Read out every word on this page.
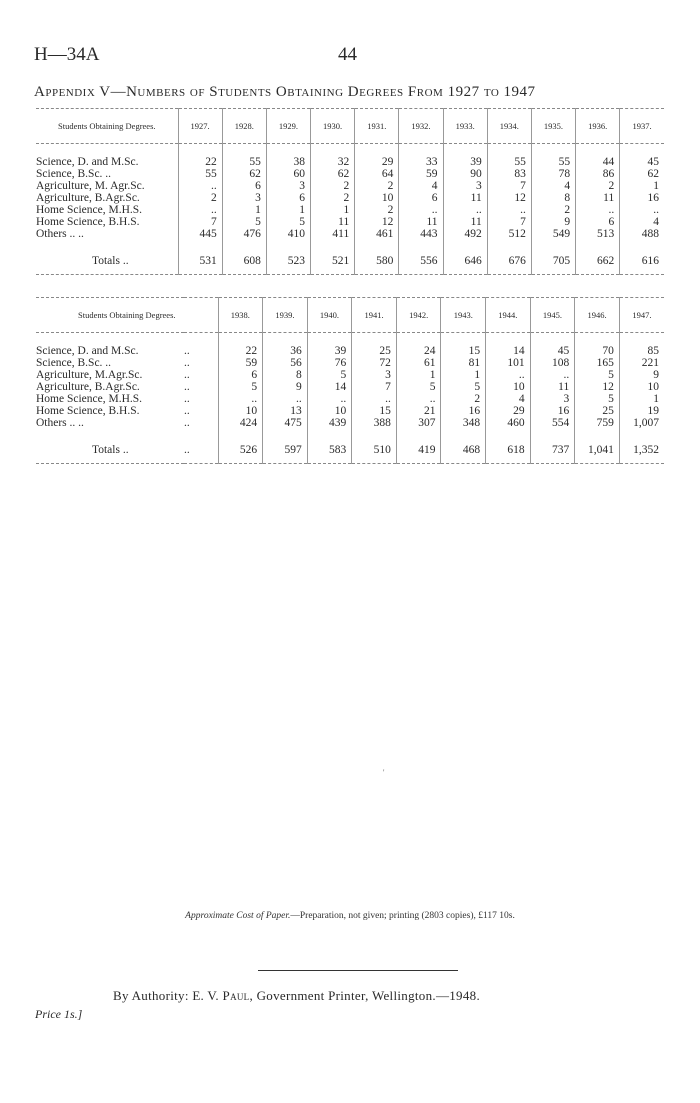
H—34A	44
Appendix V—Numbers of Students Obtaining Degrees From 1927 to 1947
Students Obtaining Degrees.	1927.	1928.	1929.	1930.	1931.	1932.	1933.	1934.	1935.	1936.	1937.

Science, D. and M.Sc.	22	55	38	32	29	33	39	55	55	44	45
Science, B.Sc. ..	55	62	60	62	64	59	90	83	78	86	62
Agriculture, M. Agr.Sc.	..	6	3	2	2	4	3	7	4	2	1
Agriculture, B.Agr.Sc.	2	3	6	2	10	6	11	12	8	11	16
Home Science, M.H.S.	..	1	1	1	2	..	..	..	2	..	..
Home Science, B.H.S.	7	5	5	11	12	11	11	7	9	6	4
Others .. ..	445	476	410	411	461	443	492	512	549	513	488

Totals ..	531	608	523	521	580	556	646	676	705	662	616
Students Obtaining Degrees.		1938.	1939.	1940.	1941.	1942.	1943.	1944.	1945.	1946.	1947.

Science, D. and M.Sc.	..	22	36	39	25	24	15	14	45	70	85
Science, B.Sc. ..	..	59	56	76	72	61	81	101	108	165	221
Agriculture, M.Agr.Sc.	..	6	8	5	3	1	1	..	..	5	9
Agriculture, B.Agr.Sc.	..	5	9	14	7	5	5	10	11	12	10
Home Science, M.H.S.	..	..	..	..	..	..	2	4	3	5	1
Home Science, B.H.S.	..	10	13	10	15	21	16	29	16	25	19
Others .. ..	..	424	475	439	388	307	348	460	554	759	1,007

Totals ..	..	526	597	583	510	419	468	618	737	1,041	1,352
'
Approximate Cost of Paper.—Preparation, not given; printing (2803 copies), £117 10s.
By Authority: E. V. Paul, Government Printer, Wellington.—1948.
Price 1s.]
